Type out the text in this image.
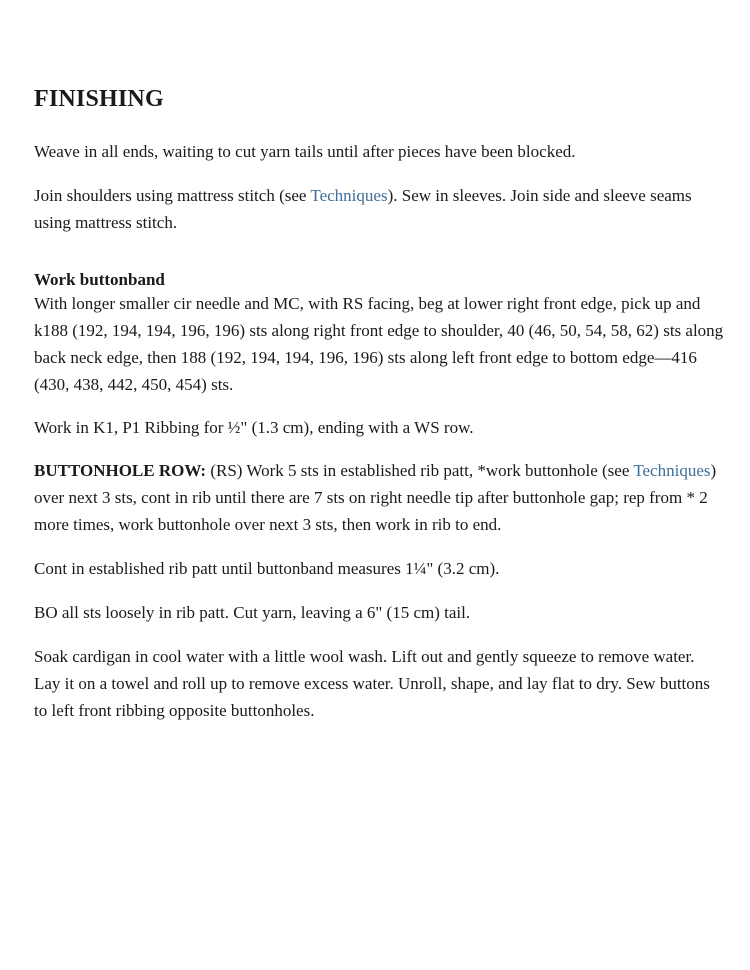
FINISHING

Weave in all ends, waiting to cut yarn tails until after pieces have been blocked.

Join shoulders using mattress stitch (see Techniques). Sew in sleeves. Join side and sleeve seams using mattress stitch.

Work buttonband

With longer smaller cir needle and MC, with RS facing, beg at lower right front edge, pick up and k188 (192, 194, 194, 196, 196) sts along right front edge to shoulder, 40 (46, 50, 54, 58, 62) sts along back neck edge, then 188 (192, 194, 194, 196, 196) sts along left front edge to bottom edge—416 (430, 438, 442, 450, 454) sts.

Work in K1, P1 Ribbing for ½" (1.3 cm), ending with a WS row.

BUTTONHOLE ROW: (RS) Work 5 sts in established rib patt, *work buttonhole (see Techniques) over next 3 sts, cont in rib until there are 7 sts on right needle tip after buttonhole gap; rep from * 2 more times, work buttonhole over next 3 sts, then work in rib to end.

Cont in established rib patt until buttonband measures 1¼" (3.2 cm).

BO all sts loosely in rib patt. Cut yarn, leaving a 6" (15 cm) tail.

Soak cardigan in cool water with a little wool wash. Lift out and gently squeeze to remove water. Lay it on a towel and roll up to remove excess water. Unroll, shape, and lay flat to dry. Sew buttons to left front ribbing opposite buttonholes.
